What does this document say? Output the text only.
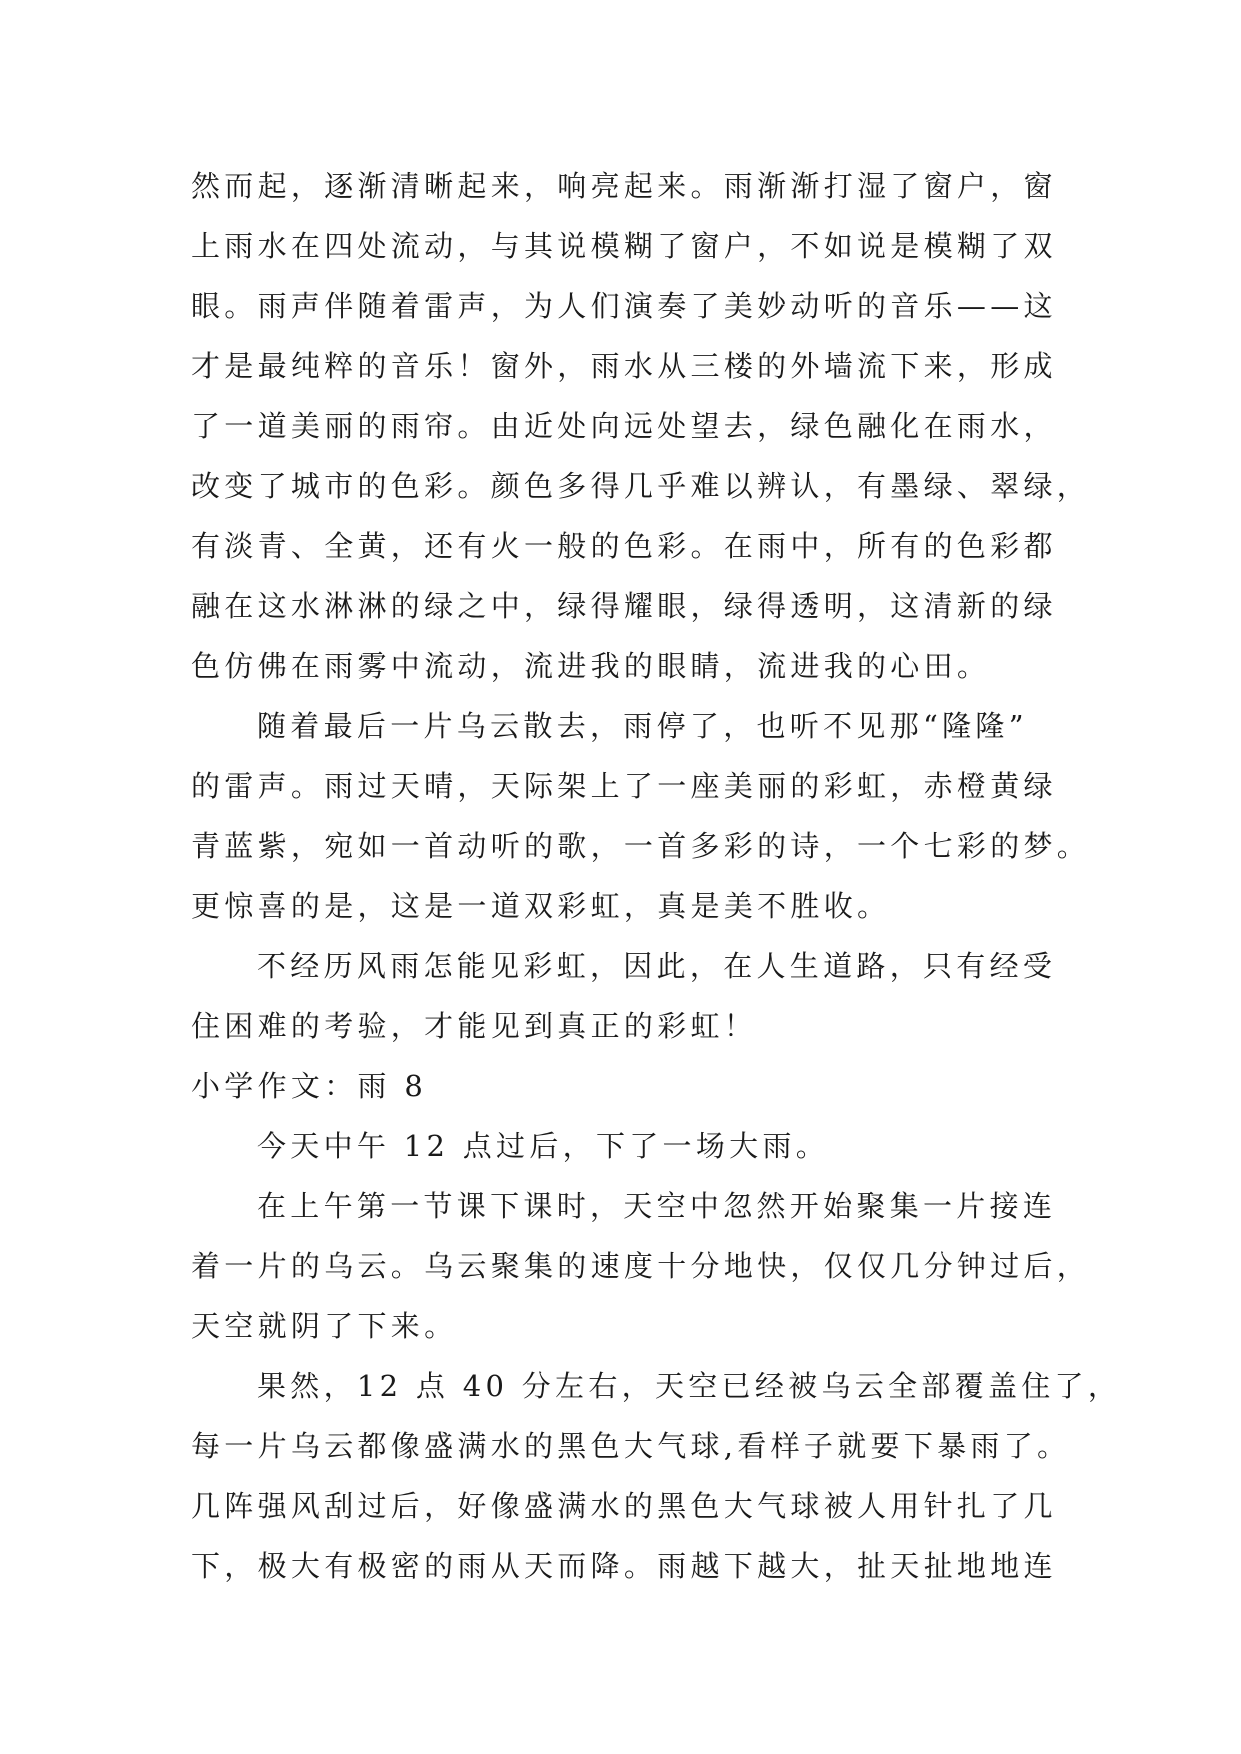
然而起，逐渐清晰起来，响亮起来。雨渐渐打湿了窗户，窗
上雨水在四处流动，与其说模糊了窗户，不如说是模糊了双
眼。雨声伴随着雷声，为人们演奏了美妙动听的音乐——这
才是最纯粹的音乐！窗外，雨水从三楼的外墙流下来，形成
了一道美丽的雨帘。由近处向远处望去，绿色融化在雨水，
改变了城市的色彩。颜色多得几乎难以辨认，有墨绿、翠绿，
有淡青、全黄，还有火一般的色彩。在雨中，所有的色彩都
融在这水淋淋的绿之中，绿得耀眼，绿得透明，这清新的绿
色仿佛在雨雾中流动，流进我的眼睛，流进我的心田。
随着最后一片乌云散去，雨停了，也听不见那“隆隆”
的雷声。雨过天晴，天际架上了一座美丽的彩虹，赤橙黄绿
青蓝紫，宛如一首动听的歌，一首多彩的诗，一个七彩的梦。
更惊喜的是，这是一道双彩虹，真是美不胜收。
不经历风雨怎能见彩虹，因此，在人生道路，只有经受
住困难的考验，才能见到真正的彩虹！
小学作文：雨 8
今天中午 12 点过后，下了一场大雨。
在上午第一节课下课时，天空中忽然开始聚集一片接连
着一片的乌云。乌云聚集的速度十分地快，仅仅几分钟过后，
天空就阴了下来。
果然，12 点 40 分左右，天空已经被乌云全部覆盖住了，
每一片乌云都像盛满水的黑色大气球,看样子就要下暴雨了。
几阵强风刮过后，好像盛满水的黑色大气球被人用针扎了几
下，极大有极密的雨从天而降。雨越下越大，扯天扯地地连
